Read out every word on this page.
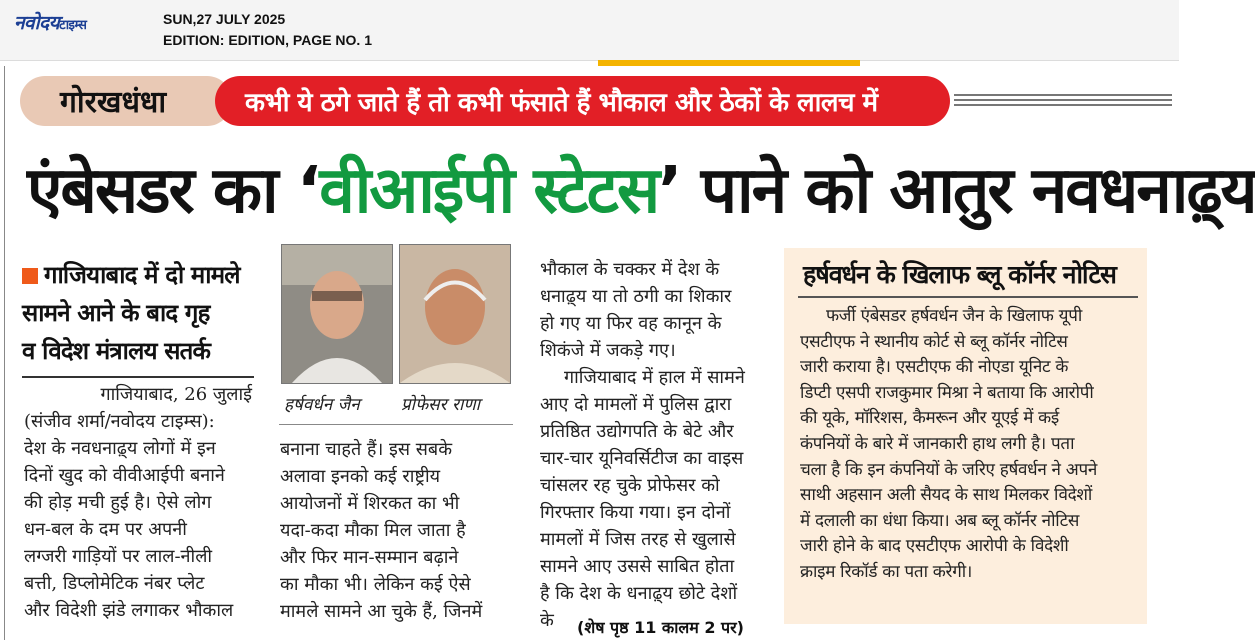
नवोदयटाइम्स	SUN,27 JULY 2025
EDITION: EDITION, PAGE NO. 1
गोरखधंधा	कभी ये ठगे जाते हैं तो कभी फंसाते हैं भौकाल और ठेकों के लालच में
एंबेसडर का ‘वीआईपी स्टेटस’ पाने को आतुर नवधनाढ़्य
गाजियाबाद में दो मामले
सामने आने के बाद गृह
व विदेश मंत्रालय सतर्क
गाजियाबाद, 26 जुलाई
(संजीव शर्मा/नवोदय टाइम्स):
देश के नवधनाढ़्य लोगों में इन
दिनों खुद को वीवीआईपी बनाने
की होड़ मची हुई है। ऐसे लोग
धन-बल के दम पर अपनी
लग्जरी गाड़ियों पर लाल-नीली
बत्ती, डिप्लोमेटिक नंबर प्लेट
और विदेशी झंडे लगाकर भौकाल
हर्षवर्धन जैन प्रोफेसर राणा
बनाना चाहते हैं। इस सबके
अलावा इनको कई राष्ट्रीय
आयोजनों में शिरकत का भी
यदा-कदा मौका मिल जाता है
और फिर मान-सम्मान बढ़ाने
का मौका भी। लेकिन कई ऐसे
मामले सामने आ चुके हैं, जिनमें
भौकाल के चक्कर में देश के
धनाढ़्य या तो ठगी का शिकार
हो गए या फिर वह कानून के
शिकंजे में जकड़े गए।
गाजियाबाद में हाल में सामने
आए दो मामलों में पुलिस द्वारा
प्रतिष्ठित उद्योगपति के बेटे और
चार-चार यूनिवर्सिटीज का वाइस
चांसलर रह चुके प्रोफेसर को
गिरफ्तार किया गया। इन दोनों
मामलों में जिस तरह से खुलासे
सामने आए उससे साबित होता
है कि देश के धनाढ़्य छोटे देशों
के	(शेष पृष्ठ 11 कालम 2 पर)
हर्षवर्धन के खिलाफ ब्लू कॉर्नर नोटिस
फर्जी एंबेसडर हर्षवर्धन जैन के खिलाफ यूपी
एसटीएफ ने स्थानीय कोर्ट से ब्लू कॉर्नर नोटिस
जारी कराया है। एसटीएफ की नोएडा यूनिट के
डिप्टी एसपी राजकुमार मिश्रा ने बताया कि आरोपी
की यूके, मॉरिशस, कैमरून और यूएई में कई
कंपनियों के बारे में जानकारी हाथ लगी है। पता
चला है कि इन कंपनियों के जरिए हर्षवर्धन ने अपने
साथी अहसान अली सैयद के साथ मिलकर विदेशों
में दलाली का धंधा किया। अब ब्लू कॉर्नर नोटिस
जारी होने के बाद एसटीएफ आरोपी के विदेशी
क्राइम रिकॉर्ड का पता करेगी।
